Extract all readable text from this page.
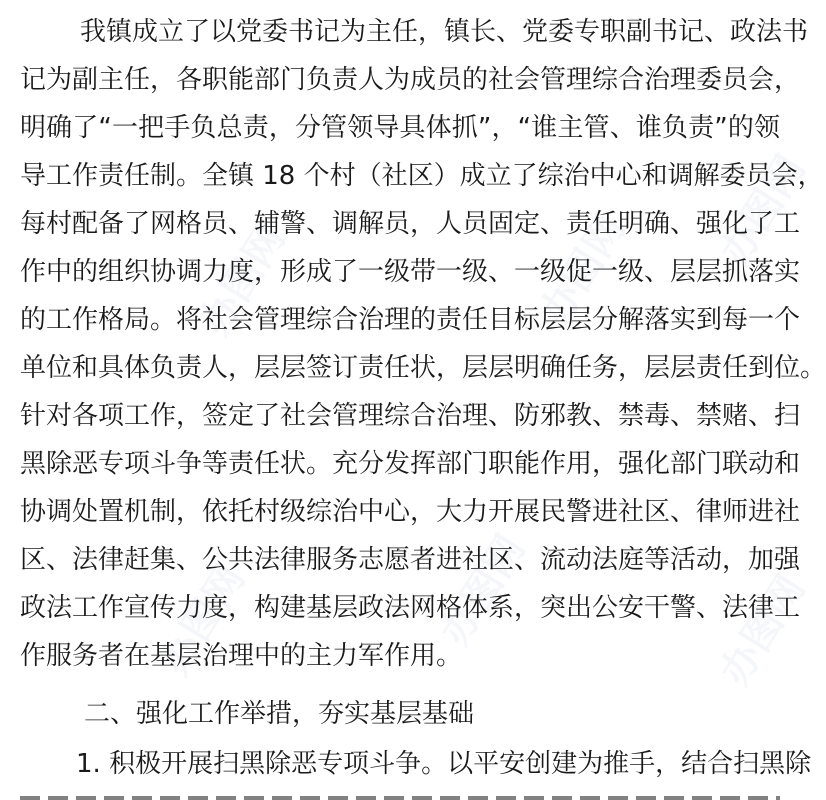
办图网	办图网 办图网
办图网	办图网	办图网

我镇成立了以党委书记为主任，镇长、党委专职副书记、政法书

记为副主任，各职能部门负责人为成员的社会管理综合治理委员会，

明确了“一把手负总责，分管领导具体抓”，“谁主管、谁负责”的领

导工作责任制。全镇 18 个村（社区）成立了综治中心和调解委员会，

每村配备了网格员、辅警、调解员，人员固定、责任明确、强化了工

作中的组织协调力度，形成了一级带一级、一级促一级、层层抓落实

的工作格局。将社会管理综合治理的责任目标层层分解落实到每一个

单位和具体负责人，层层签订责任状，层层明确任务，层层责任到位。

针对各项工作，签定了社会管理综合治理、防邪教、禁毒、禁赌、扫

黑除恶专项斗争等责任状。充分发挥部门职能作用，强化部门联动和

协调处置机制，依托村级综治中心，大力开展民警进社区、律师进社

区、法律赶集、公共法律服务志愿者进社区、流动法庭等活动，加强

政法工作宣传力度，构建基层政法网格体系，突出公安干警、法律工

作服务者在基层治理中的主力军作用。

二、强化工作举措，夯实基层基础

1. 积极开展扫黑除恶专项斗争。以平安创建为推手，结合扫黑除
